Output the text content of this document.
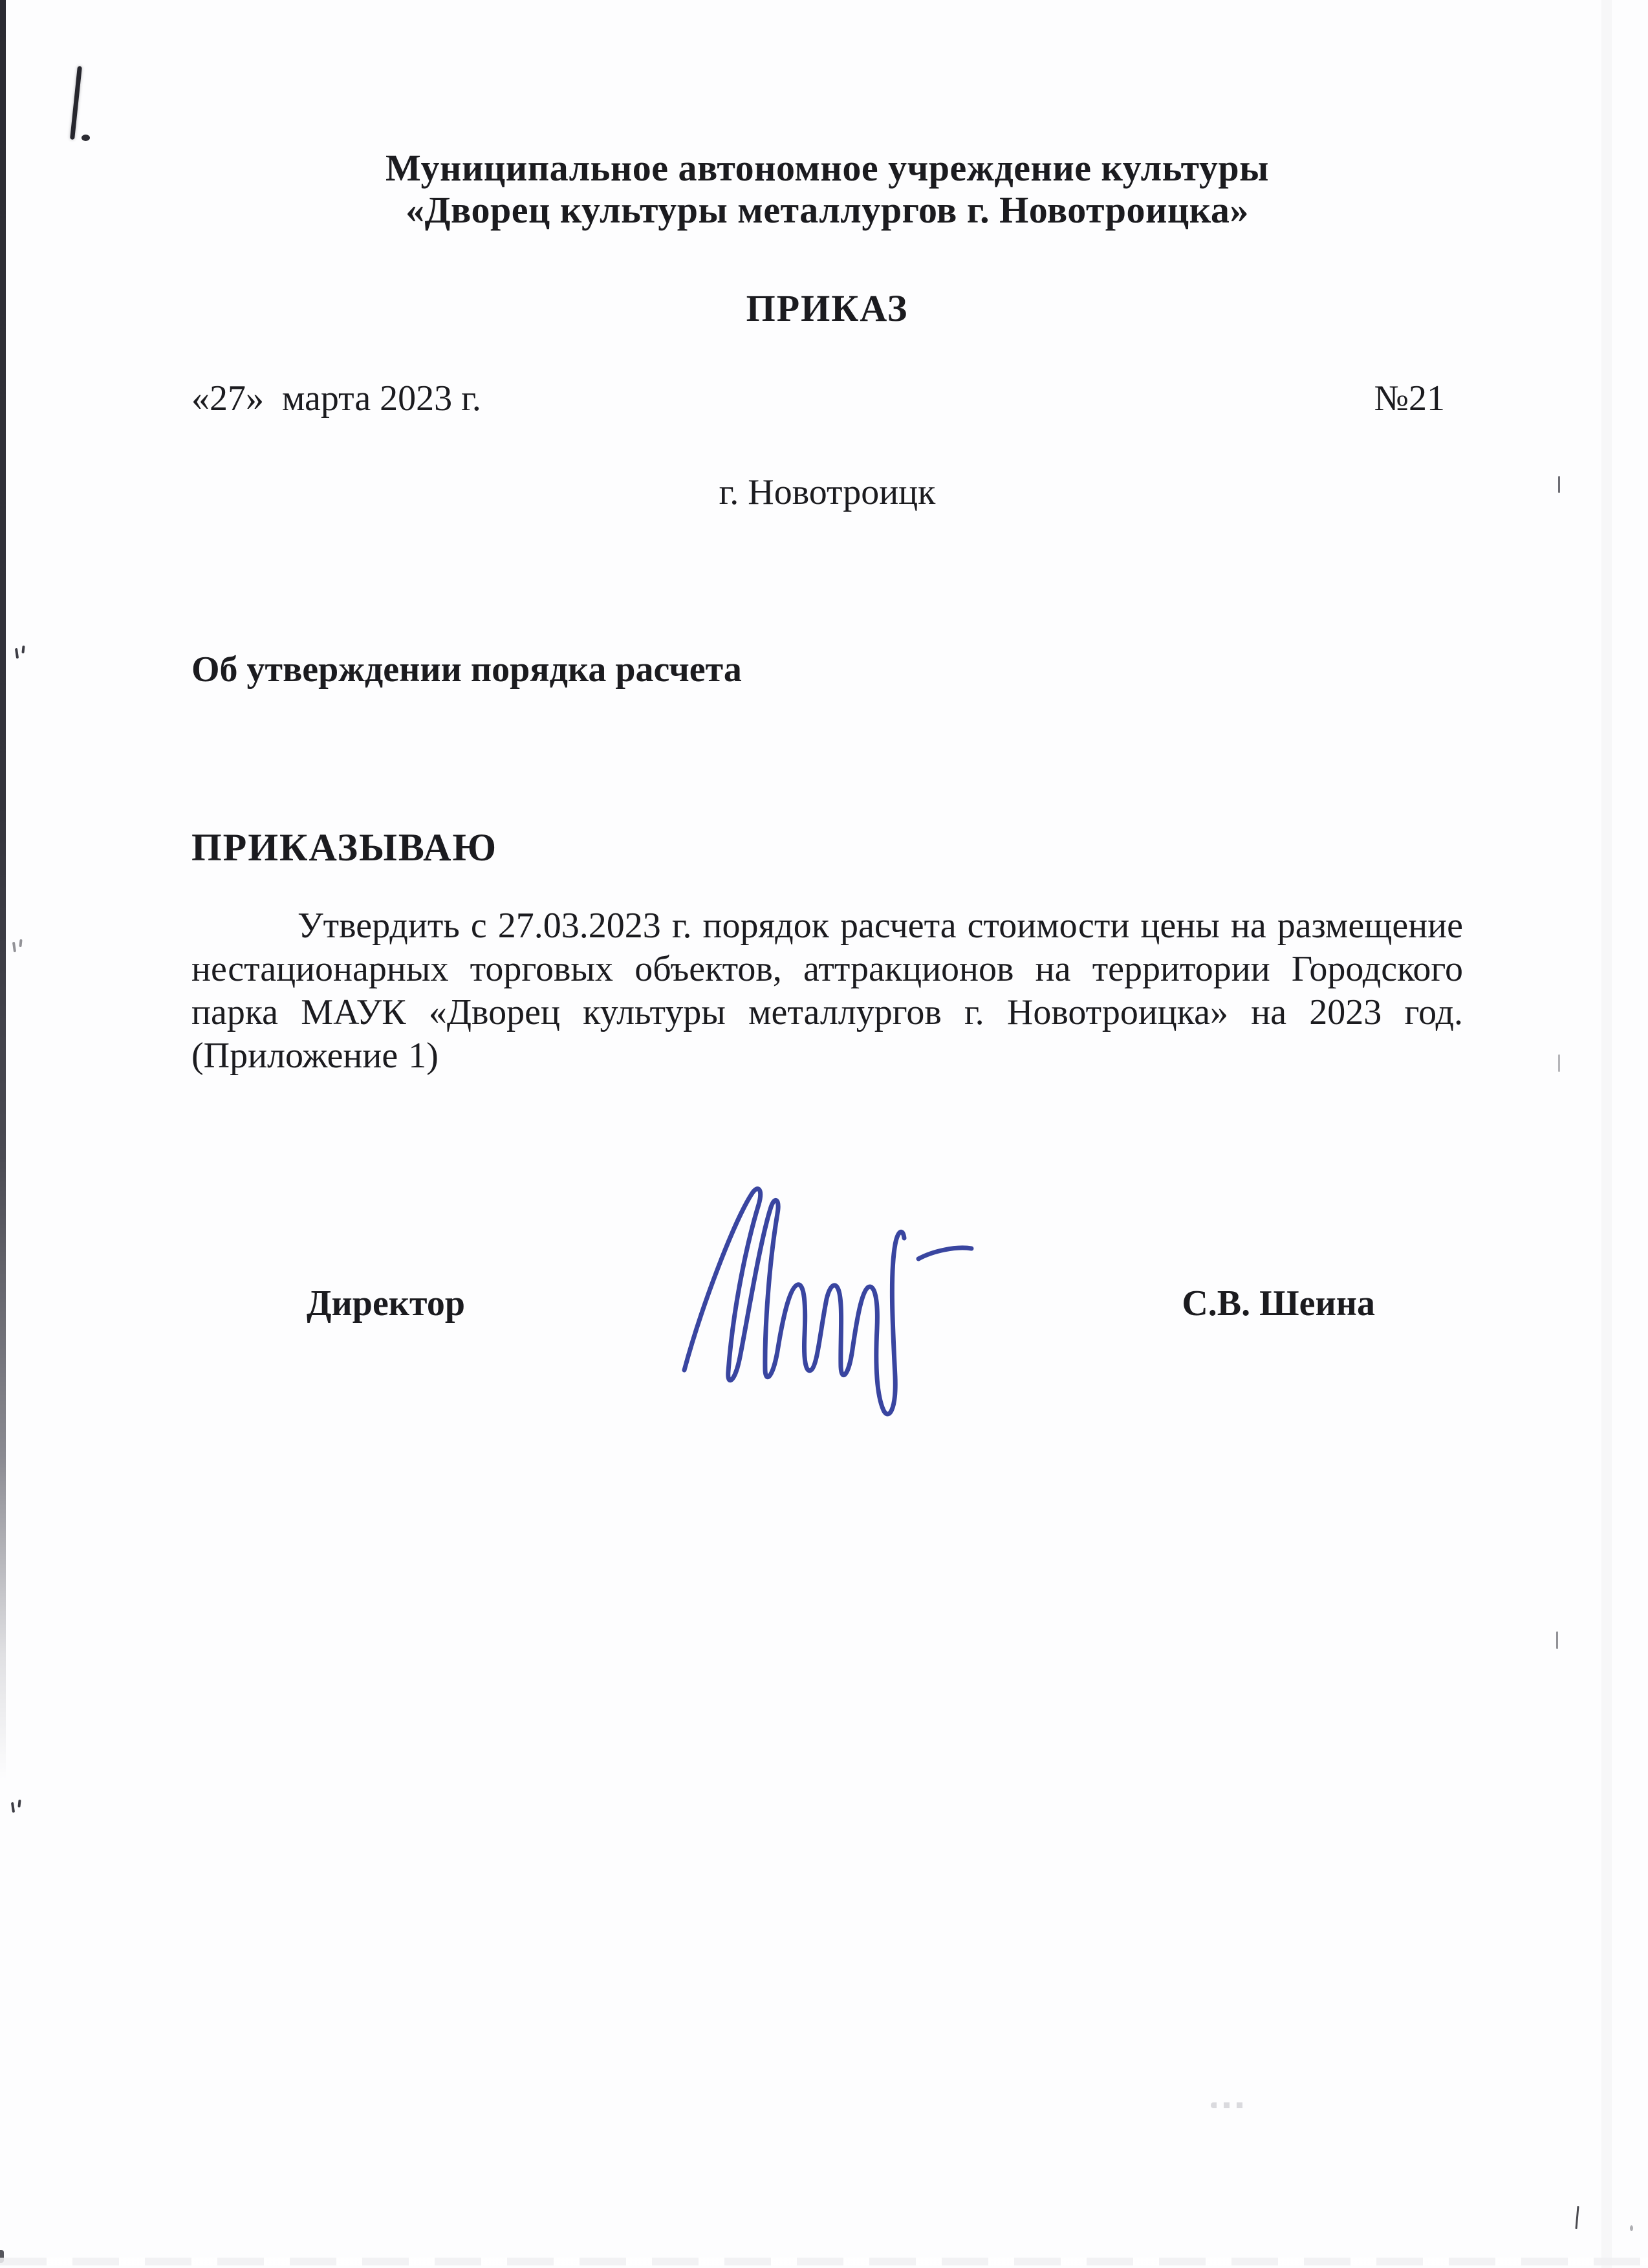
Муниципальное автономное учреждение культуры
«Дворец культуры металлургов г. Новотроицка»
ПРИКАЗ
«27»  марта 2023 г.	№21
г. Новотроицк
Об утверждении порядка расчета
ПРИКАЗЫВАЮ

Утвердить с 27.03.2023 г. порядок расчета стоимости цены на размещение нестационарных торговых объектов, аттракционов на территории Городского парка МАУК «Дворец культуры металлургов г. Новотроицка» на 2023 год. (Приложение 1)

Директор	С.В. Шеина
